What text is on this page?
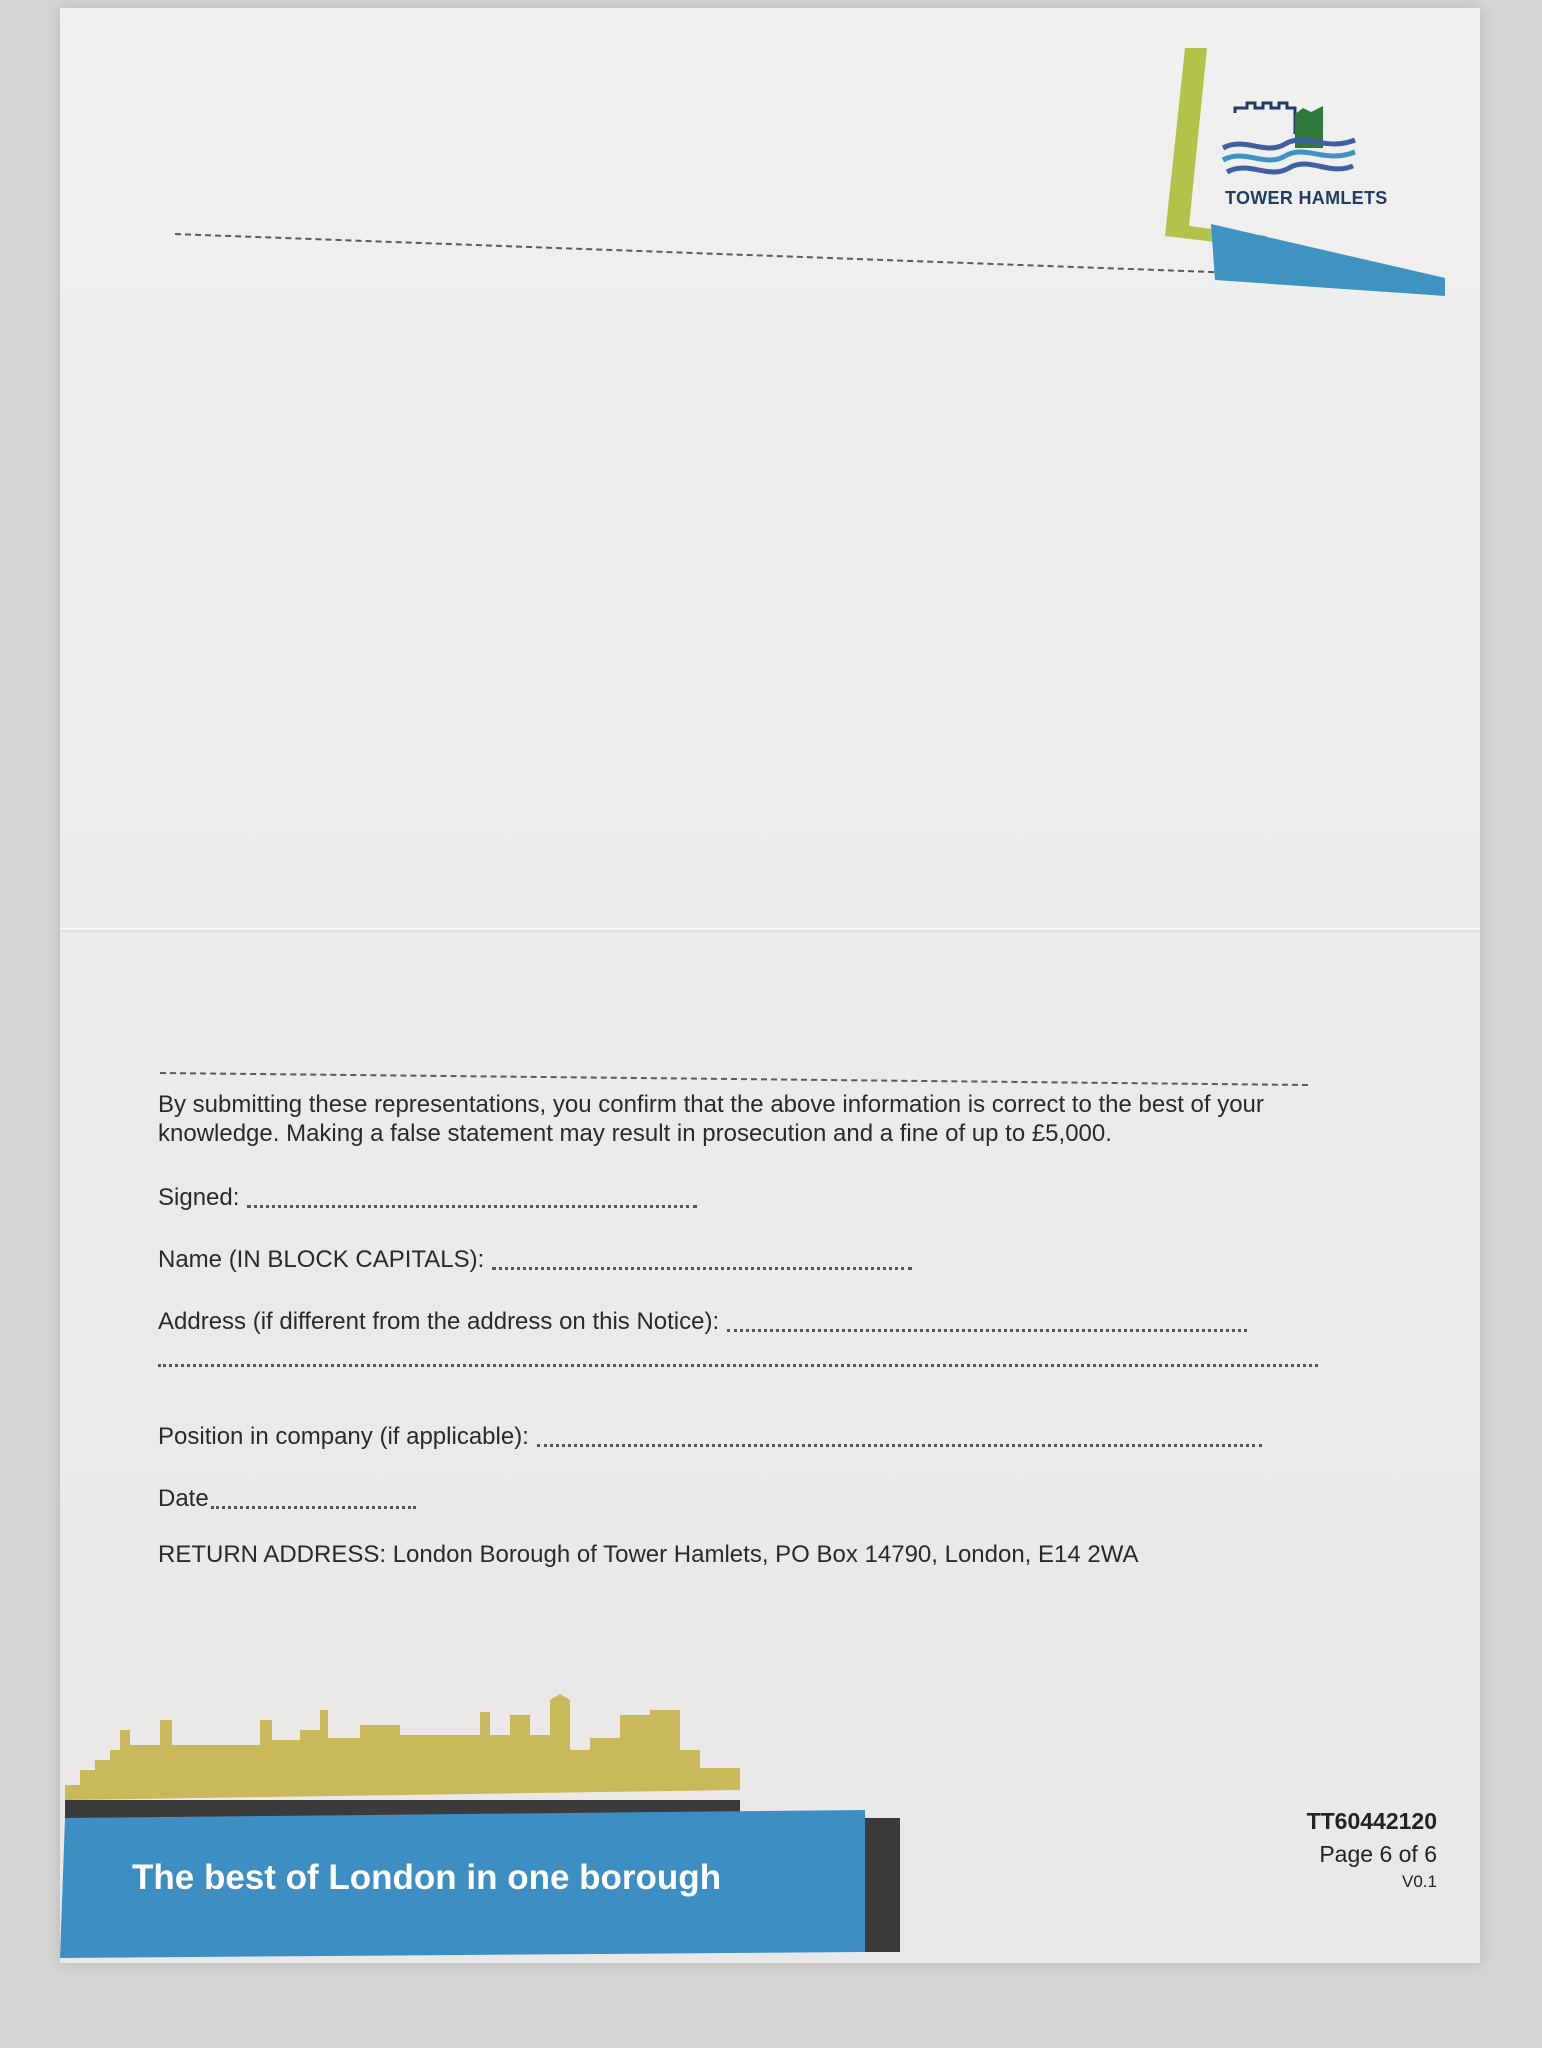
TOWER HAMLETS

By submitting these representations, you confirm that the above information is correct to the best of your knowledge. Making a false statement may result in prosecution and a fine of up to £5,000.

Signed:
Name (IN BLOCK CAPITALS):
Address (if different from the address on this Notice):
Position in company (if applicable):
Date
RETURN ADDRESS: London Borough of Tower Hamlets, PO Box 14790, London, E14 2WA
The best of London in one borough
TT60442120
Page 6 of 6
V0.1
